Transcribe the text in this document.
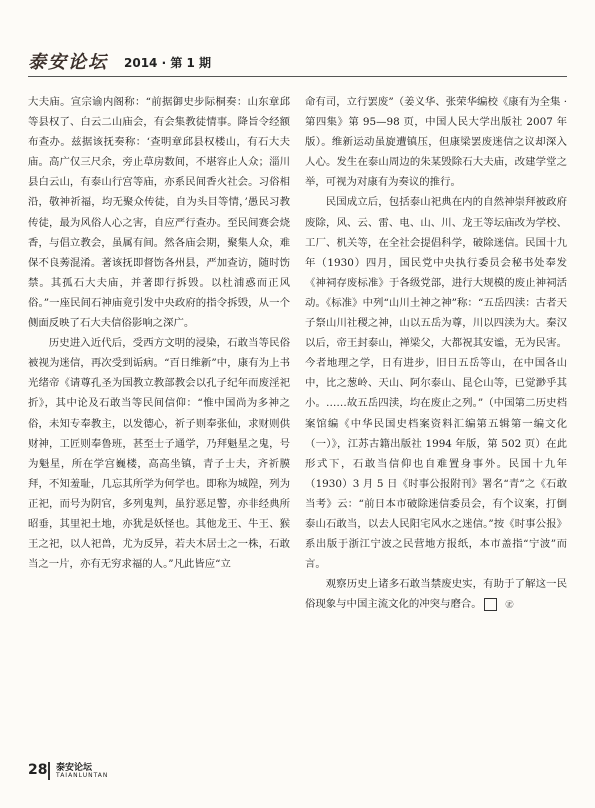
泰安论坛 2014 · 第 1 期

大夫庙。宣宗谕内阁称：“前据御史步际桐奏：山东章邱等县权了、白云二山庙会，有会集教徒情事。降旨令经额布查办。兹据该抚奏称：‘查明章邱县权楼山，有石大夫庙。高广仅三尺余，旁止草房数间，不堪容止人众；淄川县白云山，有泰山行宫等庙，亦系民间香火社会。习俗相沿，敬神祈福，均无聚众传徒，自为头目等情，’愚民习教传徒，最为风俗人心之害，自应严行查办。至民间赛会烧香，与倡立教会，虽属有间。然各庙会期，聚集人众，难保不良莠混淆。著该抚即督饬各州县，严加查访，随时饬禁。其孤石大夫庙，并著即行拆毁。以杜浦惑而正风俗。”一座民间石神庙竟引发中央政府的指令拆毁，从一个侧面反映了石大夫信俗影响之深广。

历史进入近代后，受西方文明的浸染，石敢当等民俗被视为迷信，再次受到诟病。“百日维新”中，康有为上书光绪帝《请尊孔圣为国教立教部教会以孔子纪年而废淫祀折》，其中论及石敢当等民间信仰：“惟中国尚为多神之俗，未知专奉教主，以发德心，祈子则奉张仙，求财则供财神，工匠则奉鲁班，甚至士子通学，乃拜魁星之鬼，号为魁星，所在学宫巍楼，高高坐镇，青子士夫，齐祈膜拜，不知羞耻，几忘其所学为何学也。即称为城隍，列为正祀，而号为阴官，多列鬼判，虽狞恶足警，亦非经典所昭垂，其里祀土地，亦犹是妖怪也。其他龙王、牛王、猴王之祀，以人祀兽，尤为反异，若夫木居士之一株，石敢当之一片，亦有无穷求福的人。”凡此皆应“立

命有司，立行罢废”（姜义华、张荣华编校《康有为全集 · 第四集》第 95—98 页，中国人民大学出版社 2007 年版）。维新运动虽旋遭镇压，但康梁罢废迷信之议却深入人心。发生在泰山周边的朱某毁除石大夫庙，改建学堂之举，可视为对康有为奏议的推行。

民国成立后，包括泰山祀典在内的自然神崇拜被政府废除，风、云、雷、电、山、川、龙王等坛庙改为学校、工厂、机关等，在全社会提倡科学，破除迷信。民国十九年（1930）四月，国民党中央执行委员会秘书处奉发《神祠存废标准》于各级党部，进行大规模的废止神祠活动。《标准》中列“山川土神之神”称：“五岳四渎：古者天子祭山川社稷之神，山以五岳为尊，川以四渎为大。秦汉以后，帝王封泰山，禅梁父，大都祝其安谧，无为民害。今者地理之学，日有进步，旧日五岳等山，在中国各山中，比之葱岭、天山、阿尔泰山、昆仑山等，已觉渺乎其小。……故五岳四渎，均在废止之列。”（中国第二历史档案馆编《中华民国史档案资料汇编第五辑第一编文化（一）》，江苏古籍出版社 1994 年版，第 502 页）在此形式下，石敢当信仰也自难置身事外。民国十九年（1930）3 月 5 日《时事公报附刊》署名“青”之《石敢当考》云：“前日本市破除迷信委员会，有个议案，打倒泰山石敢当，以去人民阳宅风水之迷信。”按《时事公报》系出版于浙江宁波之民营地方报纸，本市盖指“宁波”而言。

观察历史上诸多石敢当禁废史实，有助于了解这一民俗现象与中国主流文化的冲突与磨合。	㊣

28 泰安论坛
TAIANLUNTAN
